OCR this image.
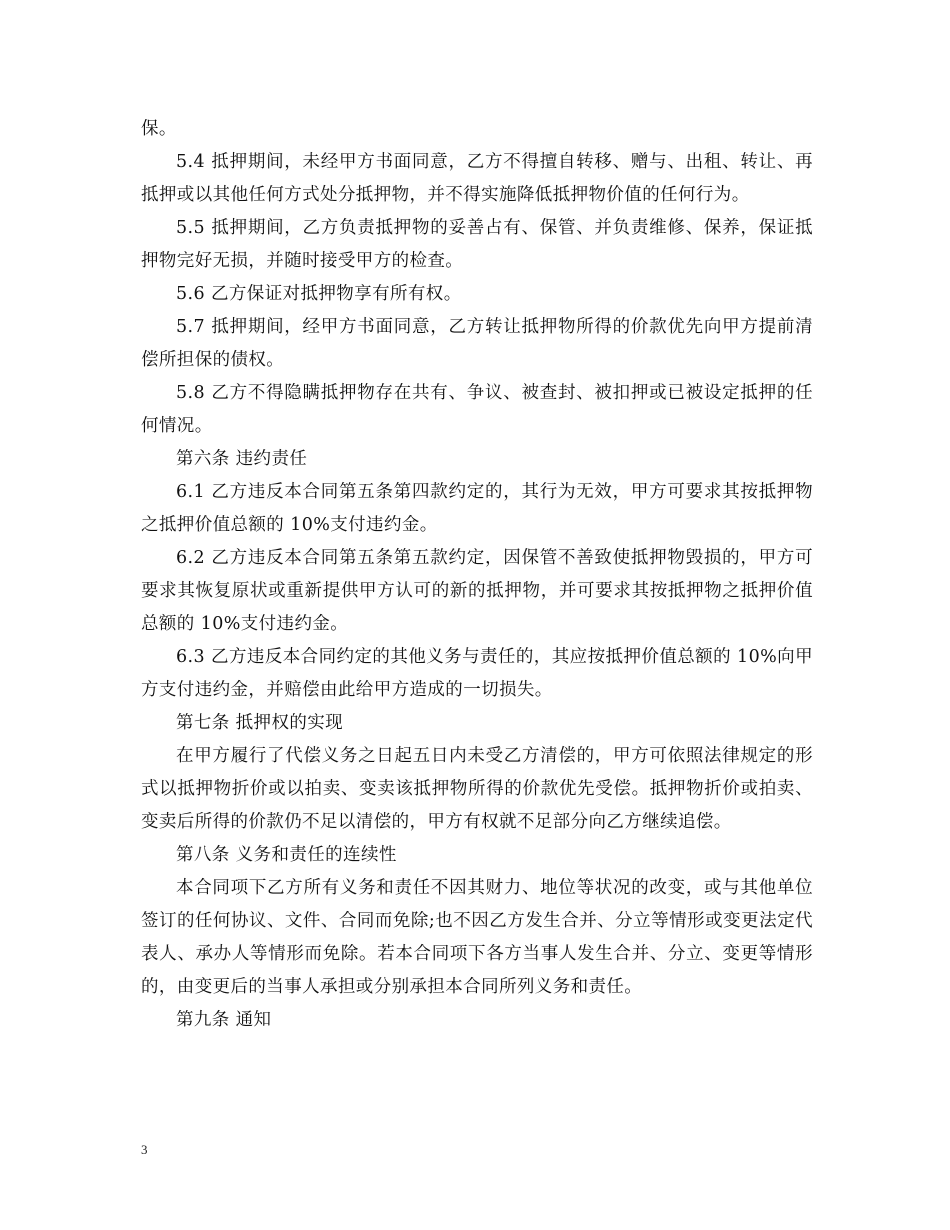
保。

5.4 抵押期间，未经甲方书面同意，乙方不得擅自转移、赠与、出租、转让、再抵押或以其他任何方式处分抵押物，并不得实施降低抵押物价值的任何行为。

5.5 抵押期间，乙方负责抵押物的妥善占有、保管、并负责维修、保养，保证抵押物完好无损，并随时接受甲方的检查。

5.6 乙方保证对抵押物享有所有权。

5.7 抵押期间，经甲方书面同意，乙方转让抵押物所得的价款优先向甲方提前清偿所担保的债权。

5.8 乙方不得隐瞒抵押物存在共有、争议、被查封、被扣押或已被设定抵押的任何情况。

第六条 违约责任

6.1 乙方违反本合同第五条第四款约定的，其行为无效，甲方可要求其按抵押物之抵押价值总额的 10%支付违约金。

6.2 乙方违反本合同第五条第五款约定，因保管不善致使抵押物毁损的，甲方可要求其恢复原状或重新提供甲方认可的新的抵押物，并可要求其按抵押物之抵押价值总额的 10%支付违约金。

6.3 乙方违反本合同约定的其他义务与责任的，其应按抵押价值总额的 10%向甲方支付违约金，并赔偿由此给甲方造成的一切损失。

第七条 抵押权的实现

在甲方履行了代偿义务之日起五日内未受乙方清偿的，甲方可依照法律规定的形式以抵押物折价或以拍卖、变卖该抵押物所得的价款优先受偿。抵押物折价或拍卖、变卖后所得的价款仍不足以清偿的，甲方有权就不足部分向乙方继续追偿。

第八条 义务和责任的连续性

本合同项下乙方所有义务和责任不因其财力、地位等状况的改变，或与其他单位签订的任何协议、文件、合同而免除;也不因乙方发生合并、分立等情形或变更法定代表人、承办人等情形而免除。若本合同项下各方当事人发生合并、分立、变更等情形的，由变更后的当事人承担或分别承担本合同所列义务和责任。

第九条 通知

3
